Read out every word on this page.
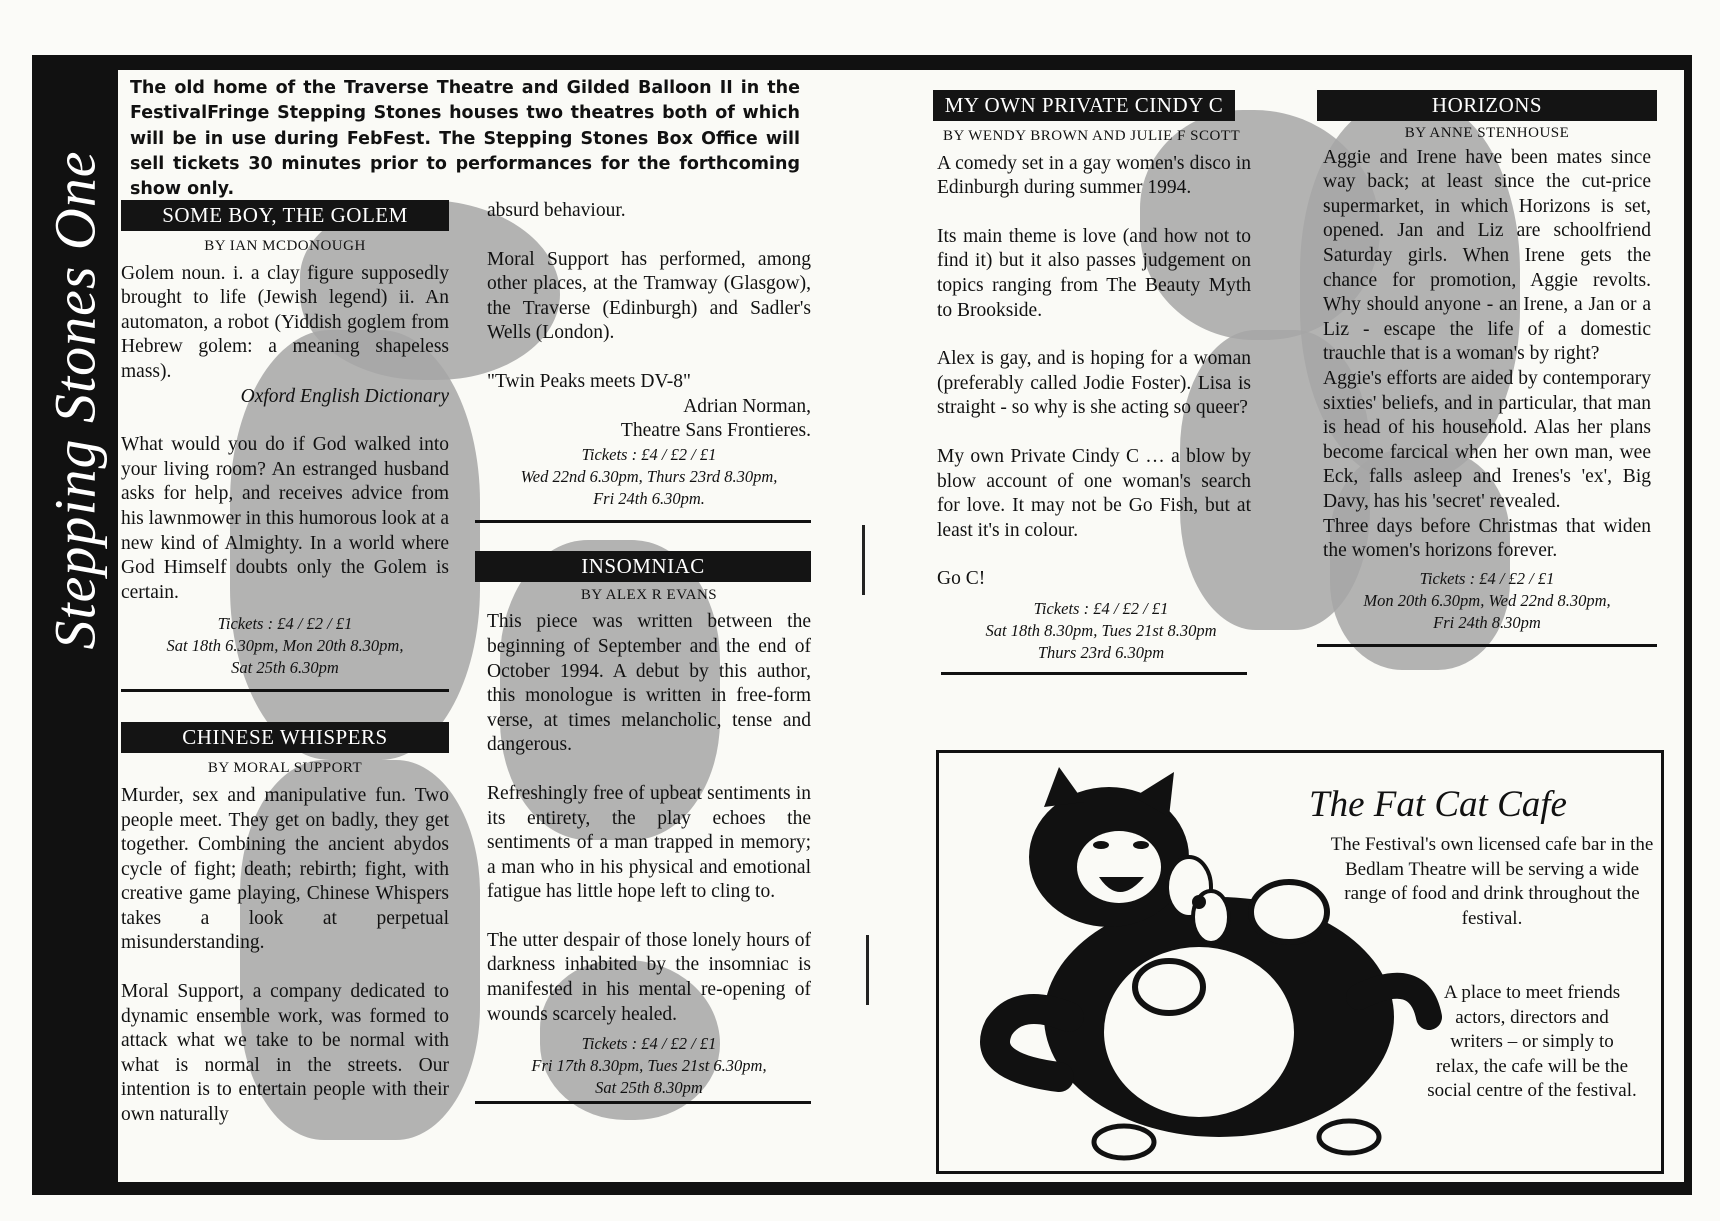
Stepping Stones One
The old home of the Traverse Theatre and Gilded Balloon II in the FestivalFringe Stepping Stones houses two theatres both of which will be in use during FebFest. The Stepping Stones Box Office will sell tickets 30 minutes prior to performances for the forthcoming show only.
SOME BOY, THE GOLEM
BY IAN MCDONOUGH

Golem noun. i. a clay figure supposedly brought to life (Jewish legend) ii. An automaton, a robot (Yiddish goglem from Hebrew golem: a meaning shapeless mass).

Oxford English Dictionary

What would you do if God walked into your living room? An estranged husband asks for help, and receives advice from his lawnmower in this humorous look at a new kind of Almighty. In a world where God Himself doubts only the Golem is certain.

Tickets : £4 / £2 / £1
Sat 18th 6.30pm, Mon 20th 8.30pm,
Sat 25th 6.30pm
CHINESE WHISPERS
BY MORAL SUPPORT

Murder, sex and manipulative fun. Two people meet. They get on badly, they get together. Combining the ancient abydos cycle of fight; death; rebirth; fight, with creative game playing, Chinese Whispers takes a look at perpetual misunderstanding.

Moral Support, a company dedicated to dynamic ensemble work, was formed to attack what we take to be normal with what is normal in the streets. Our intention is to entertain people with their own naturally

absurd behaviour.

Moral Support has performed, among other places, at the Tramway (Glasgow), the Traverse (Edinburgh) and Sadler's Wells (London).

"Twin Peaks meets DV-8"
Adrian Norman,
Theatre Sans Frontieres.
Tickets : £4 / £2 / £1
Wed 22nd 6.30pm, Thurs 23rd 8.30pm,
Fri 24th 6.30pm.
INSOMNIAC
BY ALEX R EVANS

This piece was written between the beginning of September and the end of October 1994. A debut by this author, this monologue is written in free-form verse, at times melancholic, tense and dangerous.

Refreshingly free of upbeat sentiments in its entirety, the play echoes the sentiments of a man trapped in memory; a man who in his physical and emotional fatigue has little hope left to cling to.

The utter despair of those lonely hours of darkness inhabited by the insomniac is manifested in his mental re-opening of wounds scarcely healed.

Tickets : £4 / £2 / £1
Fri 17th 8.30pm, Tues 21st 6.30pm,
Sat 25th 8.30pm
MY OWN PRIVATE CINDY C
BY WENDY BROWN AND JULIE F SCOTT

A comedy set in a gay women's disco in Edinburgh during summer 1994.

Its main theme is love (and how not to find it) but it also passes judgement on topics ranging from The Beauty Myth to Brookside.

Alex is gay, and is hoping for a woman (preferably called Jodie Foster). Lisa is straight - so why is she acting so queer?

My own Private Cindy C … a blow by blow account of one woman's search for love. It may not be Go Fish, but at least it's in colour.

Go C!

Tickets : £4 / £2 / £1
Sat 18th 8.30pm, Tues 21st 8.30pm
Thurs 23rd 6.30pm
HORIZONS
BY ANNE STENHOUSE
Aggie and Irene have been mates since way back; at least since the cut-price supermarket, in which Horizons is set, opened. Jan and Liz are schoolfriend Saturday girls. When Irene gets the chance for promotion, Aggie revolts. Why should anyone - an Irene, a Jan or a Liz - escape the life of a domestic trauchle that is a woman's by right?
Aggie's efforts are aided by contemporary sixties' beliefs, and in particular, that man is head of his household. Alas her plans become farcical when her own man, wee Eck, falls asleep and Irenes's 'ex', Big Davy, has his 'secret' revealed.
Three days before Christmas that widen the women's horizons forever.
Tickets : £4 / £2 / £1
Mon 20th 6.30pm, Wed 22nd 8.30pm,
Fri 24th 8.30pm
The Fat Cat Cafe
The Festival's own licensed cafe bar in the Bedlam Theatre will be serving a wide range of food and drink throughout the festival.
A place to meet friends actors, directors and writers – or simply to relax, the cafe will be the social centre of the festival.
